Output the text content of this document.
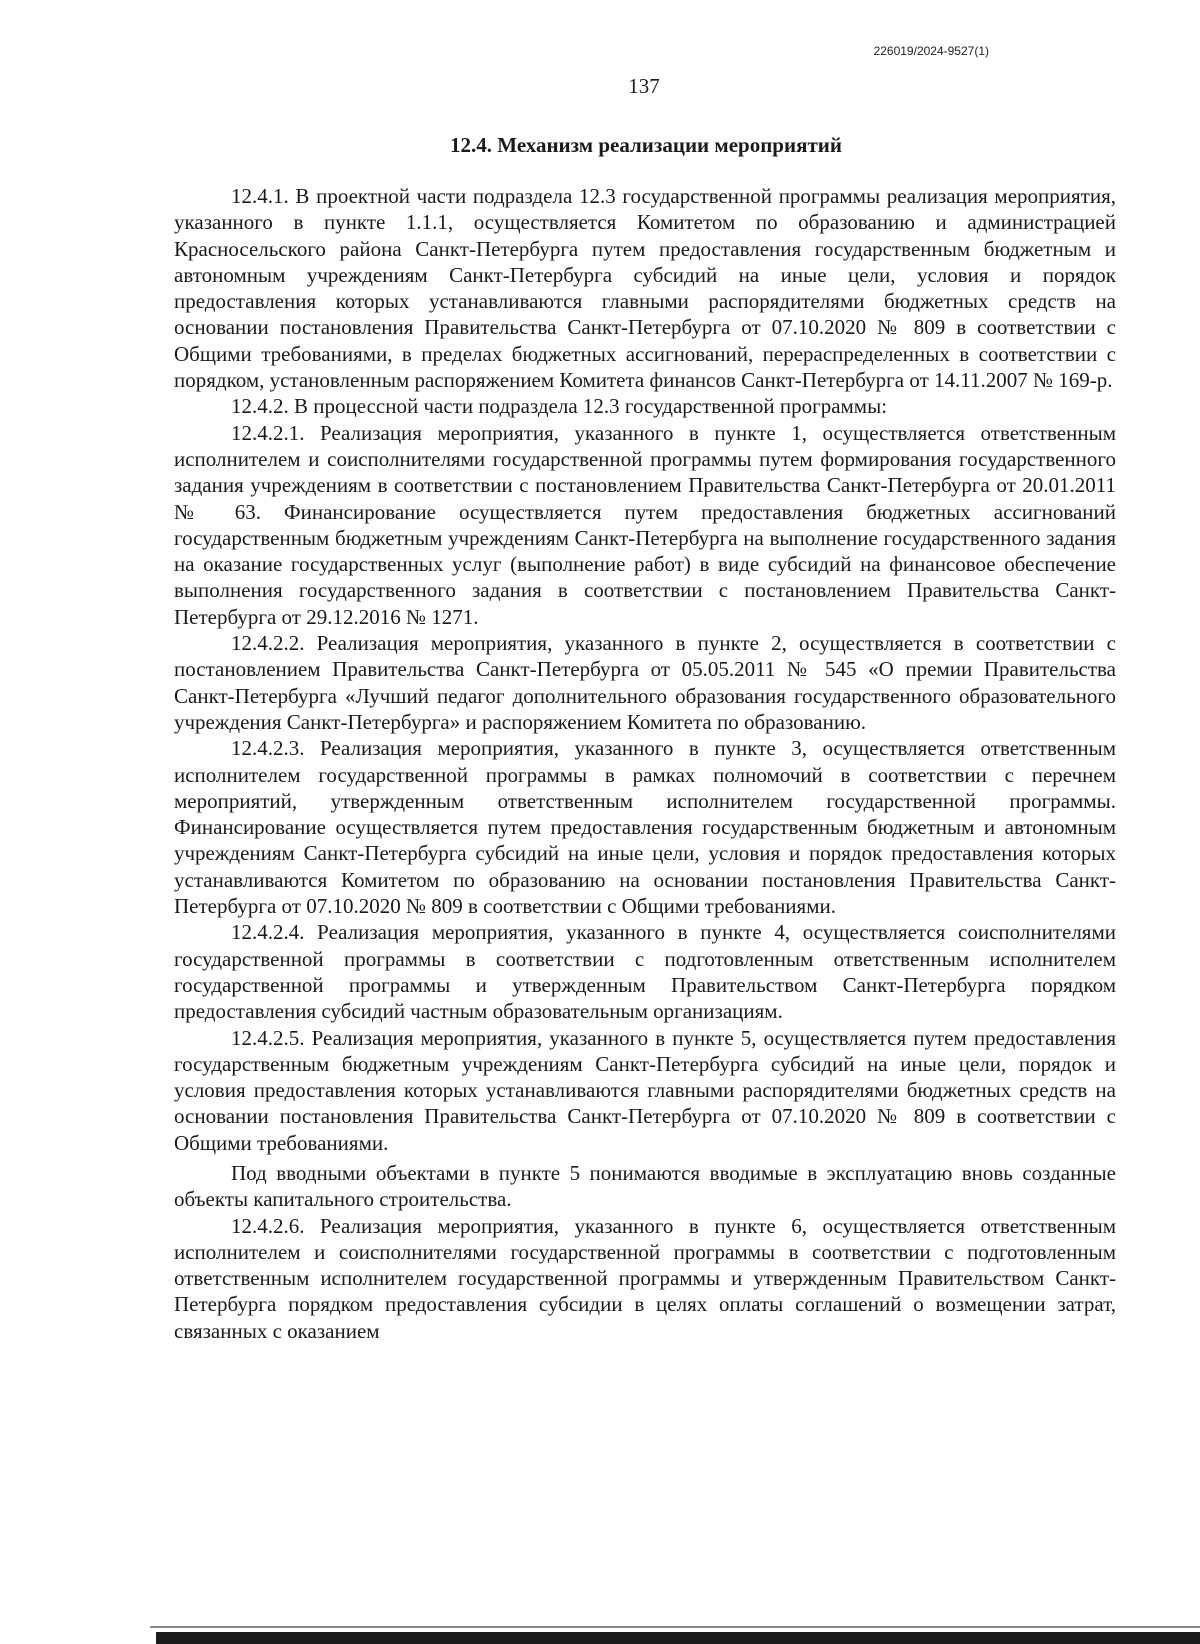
226019/2024-9527(1)
137
12.4. Механизм реализации мероприятий

12.4.1. В проектной части подраздела 12.3 государственной программы реализация мероприятия, указанного в пункте 1.1.1, осуществляется Комитетом по образованию и администрацией Красносельского района Санкт-Петербурга путем предоставления государственным бюджетным и автономным учреждениям Санкт-Петербурга субсидий на иные цели, условия и порядок предоставления которых устанавливаются главными распорядителями бюджетных средств на основании постановления Правительства Санкт-Петербурга от 07.10.2020 № 809 в соответствии с Общими требованиями, в пределах бюджетных ассигнований, перераспределенных в соответствии с порядком, установленным распоряжением Комитета финансов Санкт-Петербурга от 14.11.2007 № 169-р.

12.4.2. В процессной части подраздела 12.3 государственной программы:

12.4.2.1. Реализация мероприятия, указанного в пункте 1, осуществляется ответственным исполнителем и соисполнителями государственной программы путем формирования государственного задания учреждениям в соответствии с постановлением Правительства Санкт-Петербурга от 20.01.2011 № 63. Финансирование осуществляется путем предоставления бюджетных ассигнований государственным бюджетным учреждениям Санкт-Петербурга на выполнение государственного задания на оказание государственных услуг (выполнение работ) в виде субсидий на финансовое обеспечение выполнения государственного задания в соответствии с постановлением Правительства Санкт-Петербурга от 29.12.2016 № 1271.

12.4.2.2. Реализация мероприятия, указанного в пункте 2, осуществляется в соответствии с постановлением Правительства Санкт-Петербурга от 05.05.2011 № 545 «О премии Правительства Санкт-Петербурга «Лучший педагог дополнительного образования государственного образовательного учреждения Санкт-Петербурга» и распоряжением Комитета по образованию.

12.4.2.3. Реализация мероприятия, указанного в пункте 3, осуществляется ответственным исполнителем государственной программы в рамках полномочий в соответствии с перечнем мероприятий, утвержденным ответственным исполнителем государственной программы. Финансирование осуществляется путем предоставления государственным бюджетным и автономным учреждениям Санкт-Петербурга субсидий на иные цели, условия и порядок предоставления которых устанавливаются Комитетом по образованию на основании постановления Правительства Санкт-Петербурга от 07.10.2020 № 809 в соответствии с Общими требованиями.

12.4.2.4. Реализация мероприятия, указанного в пункте 4, осуществляется соисполнителями государственной программы в соответствии с подготовленным ответственным исполнителем государственной программы и утвержденным Правительством Санкт-Петербурга порядком предоставления субсидий частным образовательным организациям.

12.4.2.5. Реализация мероприятия, указанного в пункте 5, осуществляется путем предоставления государственным бюджетным учреждениям Санкт-Петербурга субсидий на иные цели, порядок и условия предоставления которых устанавливаются главными распорядителями бюджетных средств на основании постановления Правительства Санкт-Петербурга от 07.10.2020 № 809 в соответствии с Общими требованиями.

Под вводными объектами в пункте 5 понимаются вводимые в эксплуатацию вновь созданные объекты капитального строительства.

12.4.2.6. Реализация мероприятия, указанного в пункте 6, осуществляется ответственным исполнителем и соисполнителями государственной программы в соответствии с подготовленным ответственным исполнителем государственной программы и утвержденным Правительством Санкт-Петербурга порядком предоставления субсидии в целях оплаты соглашений о возмещении затрат, связанных с оказанием
